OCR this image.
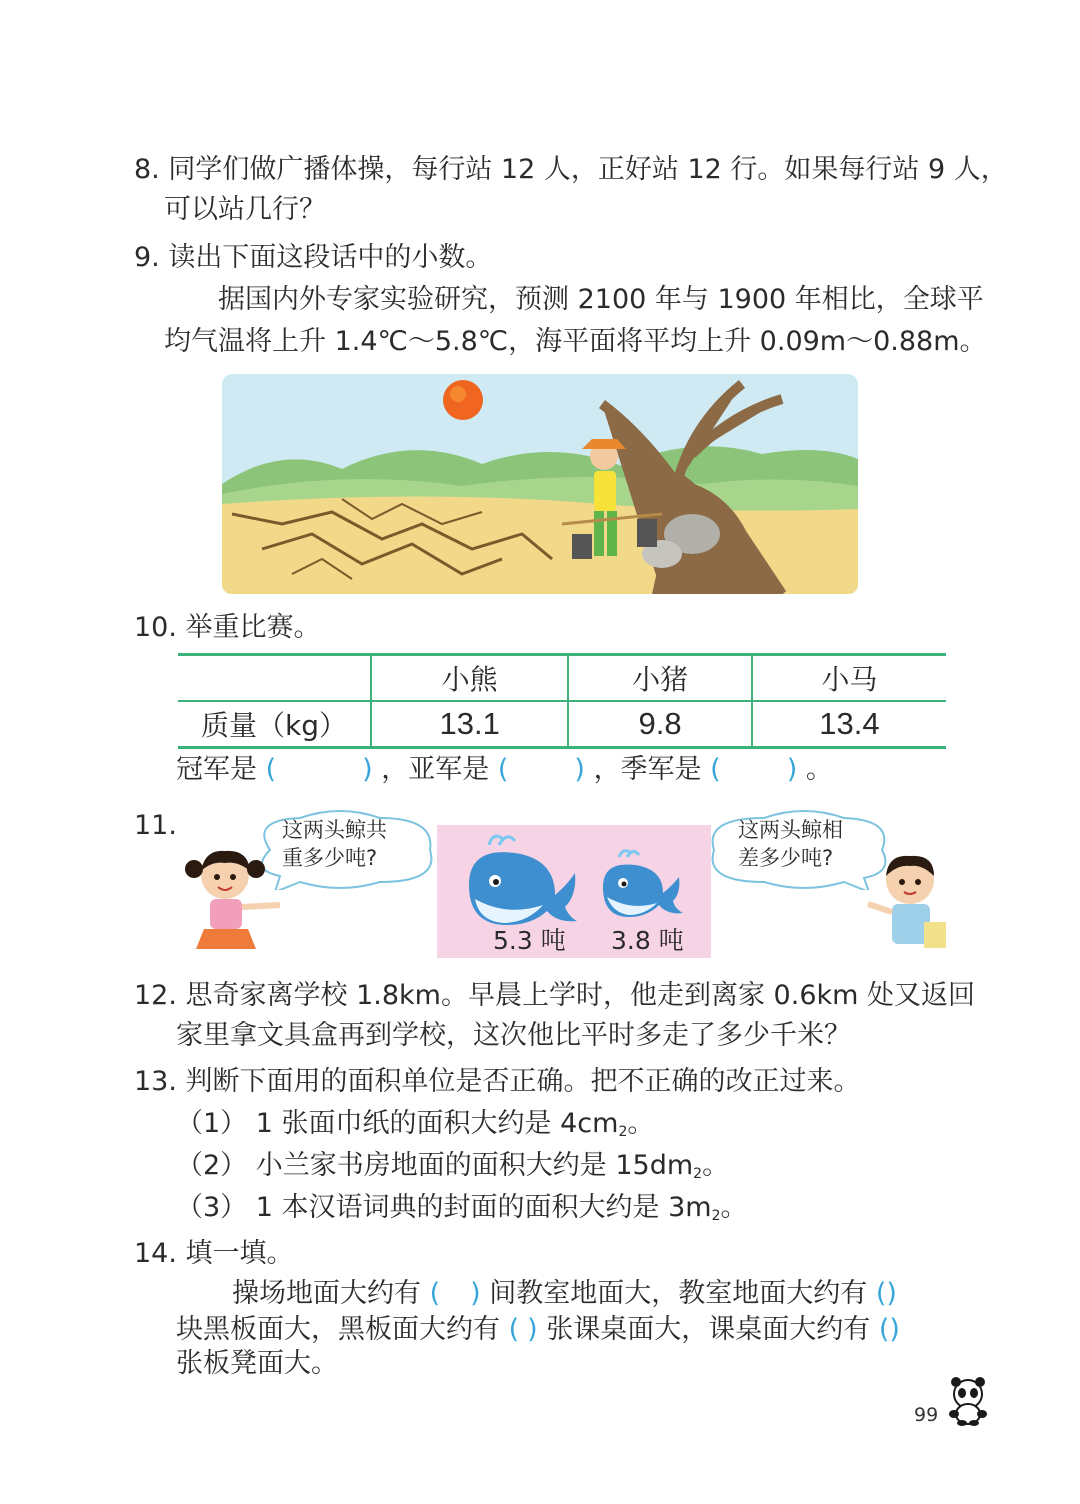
8. 同学们做广播体操，每行站 12 人，正好站 12 行。如果每行站 9 人，
可以站几行？
9. 读出下面这段话中的小数。
据国内外专家实验研究，预测 2100 年与 1900 年相比，全球平
均气温将上升 1.4℃～5.8℃，海平面将平均上升 0.09m～0.88m。
10. 举重比赛。
	小熊	小猪	小马
质量（kg）	13.1	9.8	13.4
冠军是 (	) ，亚军是 ( ) ，季军是 ( ) 。
11.	这两头鲸共
重多少吨?
5.3 吨 3.8 吨
这两头鲸相
差多少吨?
12. 思奇家离学校 1.8km。早晨上学时，他走到离家 0.6km 处又返回
家里拿文具盒再到学校，这次他比平时多走了多少千米？
13. 判断下面用的面积单位是否正确。把不正确的改正过来。
（1） 1 张面巾纸的面积大约是 $4cm_2$。
（2） 小兰家书房地面的面积大约是 $15dm_2$。
（3） 1 本汉语词典的封面的面积大约是 $3m_2$。
14. 填一填。
操场地面大约有 ( ) 间教室地面大，教室地面大约有 ()
块黑板面大，黑板面大约有 ( ) 张课桌面大，课桌面大约有 ()
张板凳面大。
99
